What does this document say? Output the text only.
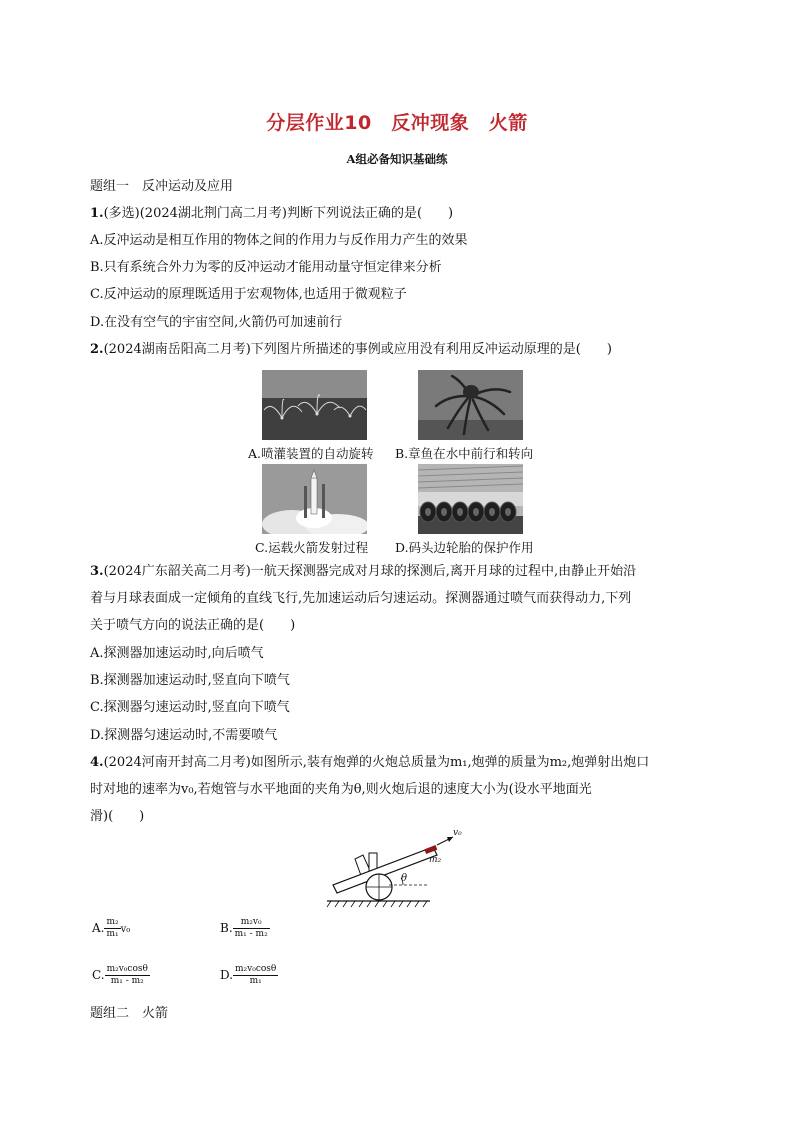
分层作业10　反冲现象　火箭
A组必备知识基础练
题组一　反冲运动及应用
1.(多选)(2024湖北荆门高二月考)判断下列说法正确的是(　　)
A.反冲运动是相互作用的物体之间的作用力与反作用力产生的效果
B.只有系统合外力为零的反冲运动才能用动量守恒定律来分析
C.反冲运动的原理既适用于宏观物体,也适用于微观粒子
D.在没有空气的宇宙空间,火箭仍可加速前行
2.(2024湖南岳阳高二月考)下列图片所描述的事例或应用没有利用反冲运动原理的是(　　)
A.喷灌装置的自动旋转 B.章鱼在水中前行和转向
C.运载火箭发射过程 D.码头边轮胎的保护作用
3.(2024广东韶关高二月考)一航天探测器完成对月球的探测后,离开月球的过程中,由静止开始沿
着与月球表面成一定倾角的直线飞行,先加速运动后匀速运动。探测器通过喷气而获得动力,下列
关于喷气方向的说法正确的是(　　)
A.探测器加速运动时,向后喷气
B.探测器加速运动时,竖直向下喷气
C.探测器匀速运动时,竖直向下喷气
D.探测器匀速运动时,不需要喷气
4.(2024河南开封高二月考)如图所示,装有炮弹的火炮总质量为m₁,炮弹的质量为m₂,炮弹射出炮口
时对地的速率为v₀,若炮管与水平地面的夹角为θ,则火炮后退的速度大小为(设水平地面光
滑)(　　)
v₀
m₂
θ
A. $\frac{\text{m₂}}{\text{m₁}} v_0$	B. $\frac{\text{m₂v₀}}{\text{m₁ - m₂}}$
C. $\frac{\text{m₂v₀cosθ}}{\text{m₁ - m₂}}$	D. $\frac{\text{m₂v₀cosθ}}{\text{m₁}}$
题组二　火箭
